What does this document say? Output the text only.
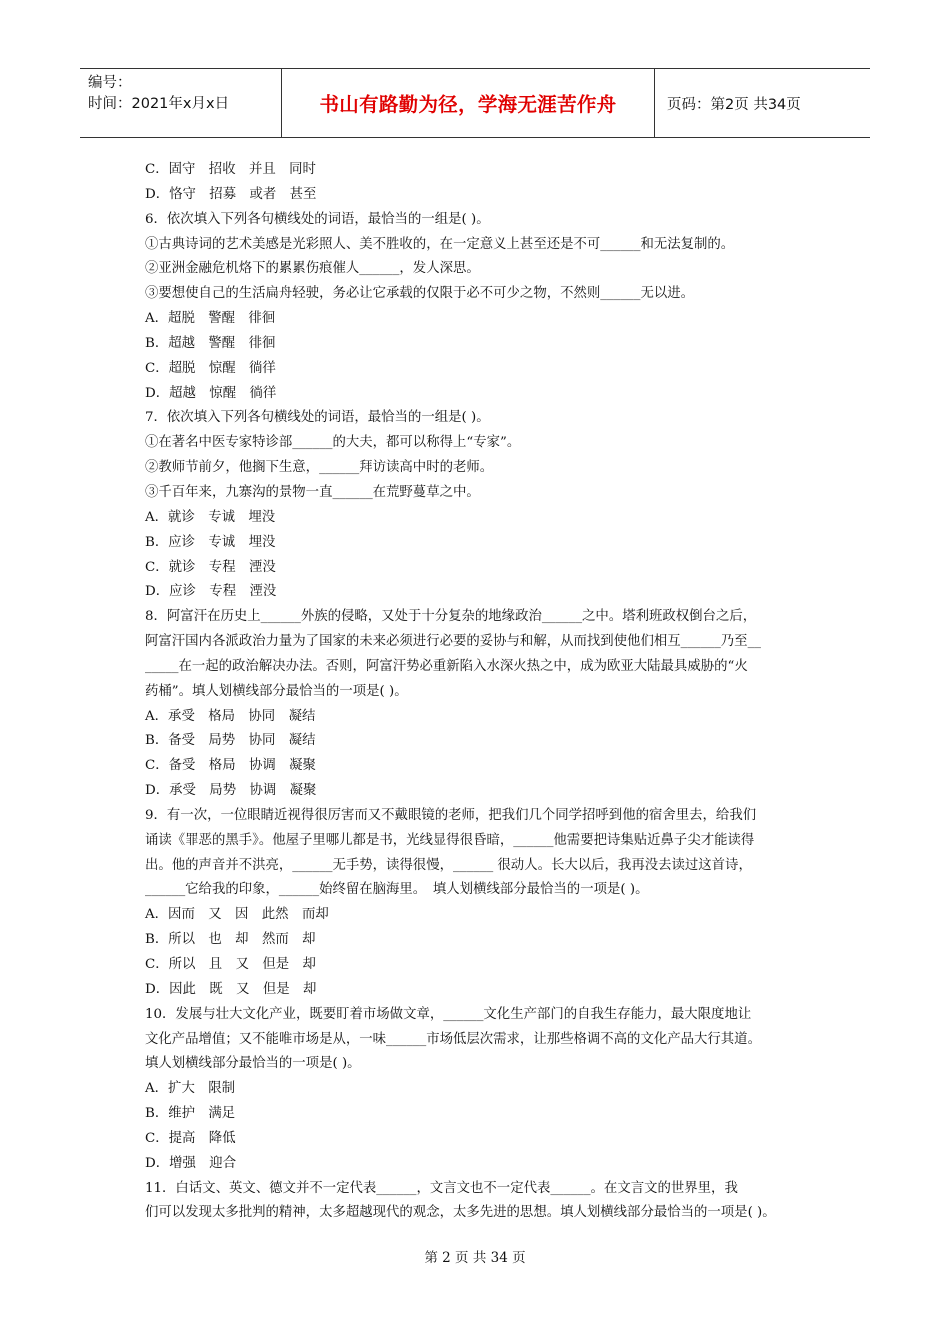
编号：
时间：2021年x月x日	书山有路勤为径，学海无涯苦作舟	页码：第2页 共34页
C．固守　招收　并且　同时
D．恪守　招募　或者　甚至
6．依次填入下列各句横线处的词语，最恰当的一组是( )。
①古典诗词的艺术美感是光彩照人、美不胜收的，在一定意义上甚至还是不可______和无法复制的。
②亚洲金融危机烙下的累累伤痕催人______，发人深思。
③要想使自己的生活扁舟轻驶，务必让它承载的仅限于必不可少之物，不然则______无以进。
A．超脱　警醒　徘徊
B．超越　警醒　徘徊
C．超脱　惊醒　徜徉
D．超越　惊醒　徜徉
7．依次填入下列各句横线处的词语，最恰当的一组是( )。
①在著名中医专家特诊部______的大夫，都可以称得上“专家”。
②教师节前夕，他搁下生意，______拜访读高中时的老师。
③千百年来，九寨沟的景物一直______在荒野蔓草之中。
A．就诊　专诚　埋没
B．应诊　专诚　埋没
C．就诊　专程　湮没
D．应诊　专程　湮没
8．阿富汗在历史上______外族的侵略，又处于十分复杂的地缘政治______之中。塔利班政权倒台之后，
阿富汗国内各派政治力量为了国家的未来必须进行必要的妥协与和解，从而找到使他们相互______乃至__
_____在一起的政治解决办法。否则，阿富汗势必重新陷入水深火热之中，成为欧亚大陆最具威胁的“火
药桶”。填人划横线部分最恰当的一项是( )。
A．承受　格局　协同　凝结
B．备受　局势　协同　凝结
C．备受　格局　协调　凝聚
D．承受　局势　协调　凝聚
9．有一次，一位眼睛近视得很厉害而又不戴眼镜的老师，把我们几个同学招呼到他的宿舍里去，给我们
诵读《罪恶的黑手》。他屋子里哪儿都是书，光线显得很昏暗，______他需要把诗集贴近鼻子尖才能读得
出。他的声音并不洪亮，______无手势，读得很慢，______ 很动人。长大以后，我再没去读过这首诗，
______它给我的印象，______始终留在脑海里。　填人划横线部分最恰当的一项是( )。
A．因而　又　因　此然　而却
B．所以　也　却　然而　却
C．所以　且　又　但是　却
D．因此　既　又　但是　却
10．发展与壮大文化产业，既要盯着市场做文章，______文化生产部门的自我生存能力，最大限度地让
文化产品增值；又不能唯市场是从，一味______市场低层次需求，让那些格调不高的文化产品大行其道。
填人划横线部分最恰当的一项是( )。
A．扩大　限制
B．维护　满足
C．提高　降低
D．增强　迎合
11．白话文、英文、德文并不一定代表______，文言文也不一定代表______。在文言文的世界里，我
们可以发现太多批判的精神，太多超越现代的观念，太多先进的思想。填人划横线部分最恰当的一项是( )。
第 2 页 共 34 页
